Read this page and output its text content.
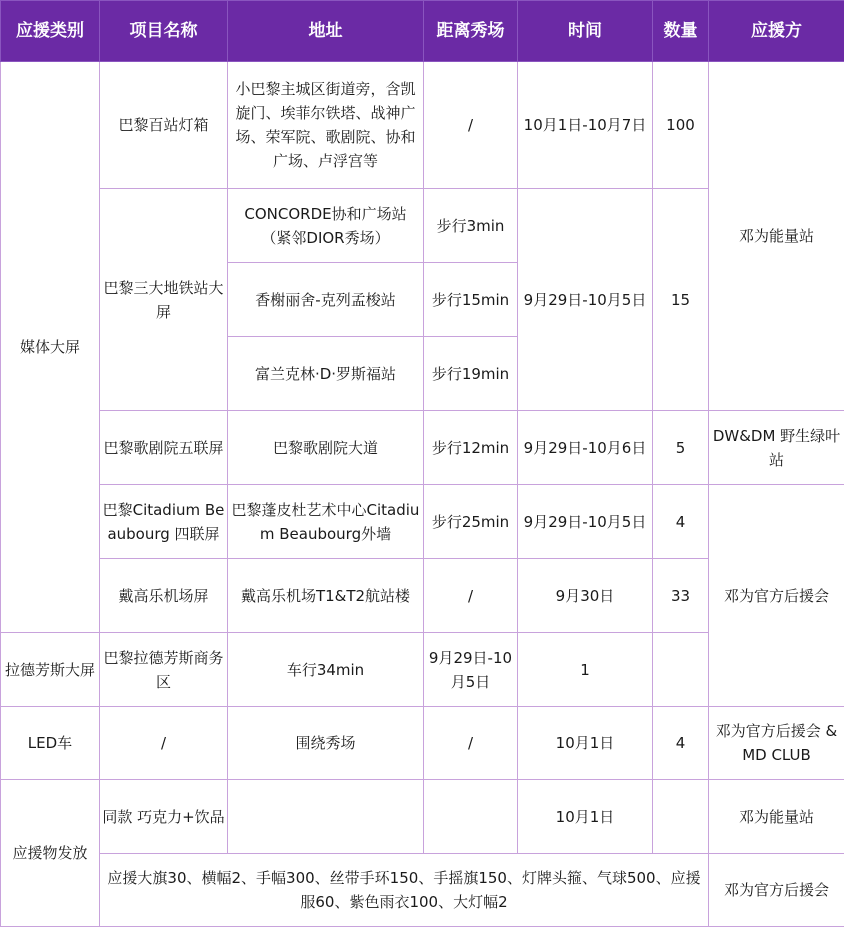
应援类别	项目名称	地址	距离秀场	时间	数量	应援方
媒体大屏	巴黎百站灯箱	小巴黎主城区街道旁，含凯旋门、埃菲尔铁塔、战神广场、荣军院、歌剧院、协和广场、卢浮宫等	/	10月1日-10月7日	100	邓为能量站
	巴黎三大地铁站大屏	CONCORDE协和广场站（紧邻DIOR秀场）	步行3min	9月29日-10月5日	15	
		香榭丽舍-克列孟梭站	步行15min			
		富兰克林·D·罗斯福站	步行19min			
	巴黎歌剧院五联屏	巴黎歌剧院大道	步行12min	9月29日-10月6日	5	DW&DM 野生绿叶站
	巴黎Citadium Beaubourg 四联屏	巴黎蓬皮杜艺术中心Citadium Beaubourg外墙	步行25min	9月29日-10月5日	4	邓为官方后援会
	戴高乐机场屏	戴高乐机场T1&T2航站楼	/	9月30日	33	
拉德芳斯大屏	巴黎拉德芳斯商务区	车行34min	9月29日-10月5日	1		
LED车	/	围绕秀场	/	10月1日	4	邓为官方后援会 & MD CLUB
应援物发放	同款 巧克力+饮品			10月1日		邓为能量站
	应援大旗30、横幅2、手幅300、丝带手环150、手摇旗150、灯牌头箍、气球500、应援服60、紫色雨衣100、大灯幅2					邓为官方后援会
